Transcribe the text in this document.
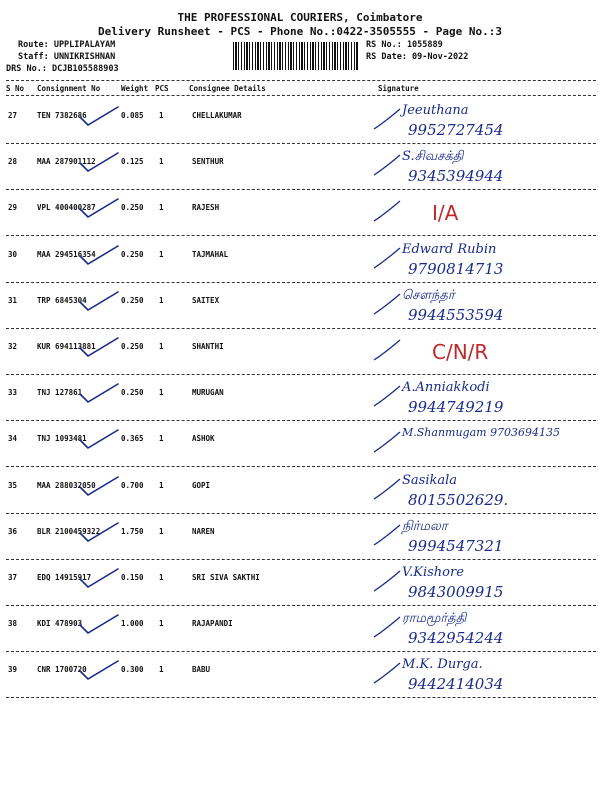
THE PROFESSIONAL COURIERS, Coimbatore
Delivery Runsheet - PCS - Phone No.:0422-3505555 - Page No.:3
Route: UPPLIPALAYAM
Staff: UNNIKRISHNAN
DRS No.: DCJB105588903
RS No.: 1055889
RS Date: 09-Nov-2022
S No Consignment No	Weight PCS	Consignee Details	Signature
27	TEN 7382686	0.085 1	CHELLAKUMAR	Jeeuthana
9952727454
28	MAA 287901112	0.125 1	SENTHUR	S.சிவசக்தி
9345394944
29	VPL 400400287	0.250 1	RAJESH	I/A
30	MAA 294516354	0.250 1	TAJMAHAL	Edward Rubin
9790814713
31	TRP 6845304	0.250 1	SAITEX	சௌந்தர்
9944553594
32	KUR 694113881	0.250 1	SHANTHI	C/N/R
33	TNJ 127861	0.250 1	MURUGAN	A.Anniakkodi
9944749219
34	TNJ 1093481	0.365 1	ASHOK	M.Shanmugam 9703694135
35	MAA 288032050	0.700 1	GOPI	Sasikala
8015502629.
36	BLR 2100459322	1.750 1	NAREN	நிர்மலா
9994547321
37	EDQ 14915917	0.150 1	SRI SIVA SAKTHI	V.Kishore
9843009915
38	KDI 478903	1.000 1	RAJAPANDI	ராமமூர்த்தி
9342954244
39	CNR 1700720	0.300 1	BABU	M.K. Durga.
9442414034
